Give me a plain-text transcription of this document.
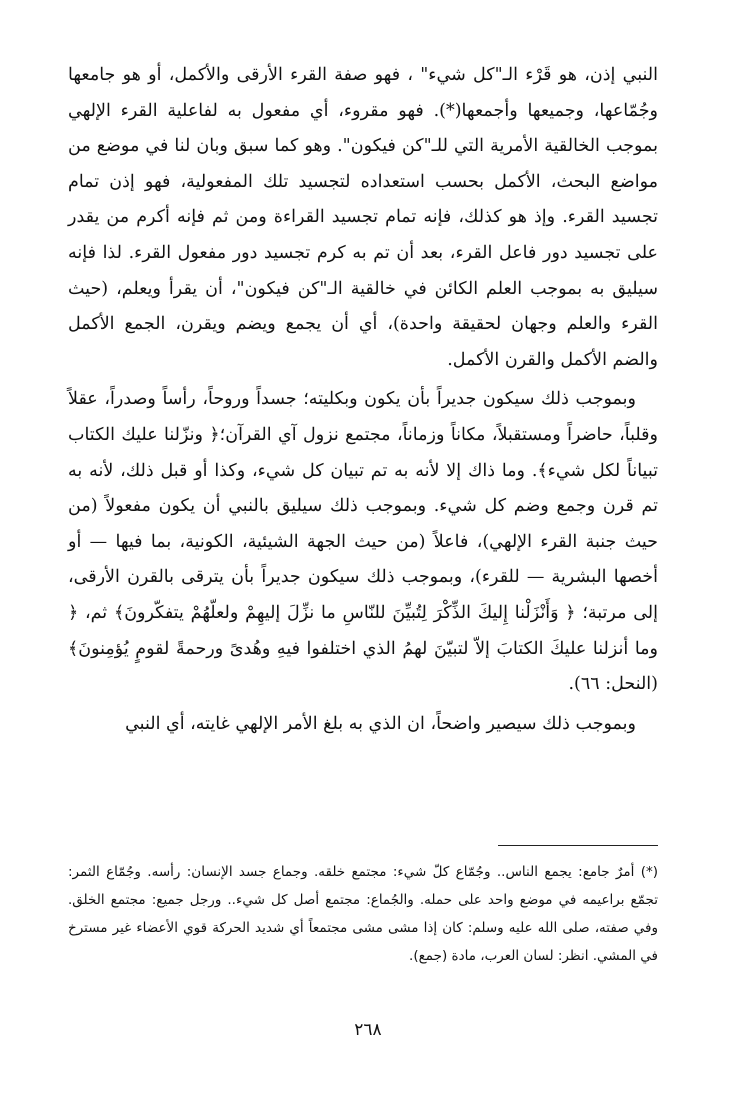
النبي إذن، هو قَرْء الـ"كل شيء" ، فهو صفة القرء الأرقى والأكمل، أو هو جامعها وجُمّاعها، وجميعها وأجمعها(*). فهو مقروء، أي مفعول به لفاعلية القرء الإلهي بموجب الخالقية الأمرية التي للـ"كن فيكون". وهو كما سبق وبان لنا في موضع من مواضع البحث، الأكمل بحسب استعداده لتجسيد تلك المفعولية، فهو إذن تمام تجسيد القرء. وإذ هو كذلك، فإنه تمام تجسيد القراءة ومن ثم فإنه أكرم من يقدر على تجسيد دور فاعل القرء، بعد أن تم به كرم تجسيد دور مفعول القرء. لذا فإنه سيليق به بموجب العلم الكائن في خالقية الـ"كن فيكون"، أن يقرأ ويعلم، (حيث القرء والعلم وجهان لحقيقة واحدة)، أي أن يجمع ويضم ويقرن، الجمع الأكمل والضم الأكمل والقرن الأكمل.

وبموجب ذلك سيكون جديراً بأن يكون وبكليته؛ جسداً وروحاً، رأساً وصدراً، عقلاً وقلباً، حاضراً ومستقبلاً، مكاناً وزماناً، مجتمع نزول آي القرآن؛﴿ ونزّلنا عليك الكتاب تبياناً لكل شيء﴾. وما ذاك إلا لأنه به تم تبيان كل شيء، وكذا أو قبل ذلك، لأنه به تم قرن وجمع وضم كل شيء. وبموجب ذلك سيليق بالنبي أن يكون مفعولاً (من حيث جنبة القرء الإلهي)، فاعلاً (من حيث الجهة الشيئية، الكونية، بما فيها — أو أخصها البشرية — للقرء)، وبموجب ذلك سيكون جديراً بأن يترقى بالقرن الأرقى، إلى مرتبة؛ ﴿ وَأَنْزَلْنا إِليكَ الذِّكْرَ لِتُبيِّنَ للنّاسِ ما نزِّلَ إليهِمْ ولعلّهُمْ يتفكّرونَ﴾ ثم، ﴿ وما أنزلنا عليكَ الكتابَ إلاّ لتبيّنَ لهمُ الذي اختلفوا فيهِ وهُدىً ورحمةً لقومٍ يُؤمِنونَ﴾ (النحل: ٦٦).

وبموجب ذلك سيصير واضحاً، ان الذي به بلغ الأمر الإلهي غايته، أي النبي

(*) أمرٌ جامع: يجمع الناس.. وجُمّاع كلّ شيء: مجتمع خلقه. وجماع جسد الإنسان: رأسه. وجُمّاع الثمر: تجمّع براعيمه في موضع واحد على حمله. والجُماع: مجتمع أصل كل شيء.. ورجل جميع: مجتمع الخلق. وفي صفته، صلى الله عليه وسلم: كان إذا مشى مشى مجتمعاً أي شديد الحركة قوي الأعضاء غير مسترخ في المشي. انظر: لسان العرب، مادة (جمع).

٢٦٨
